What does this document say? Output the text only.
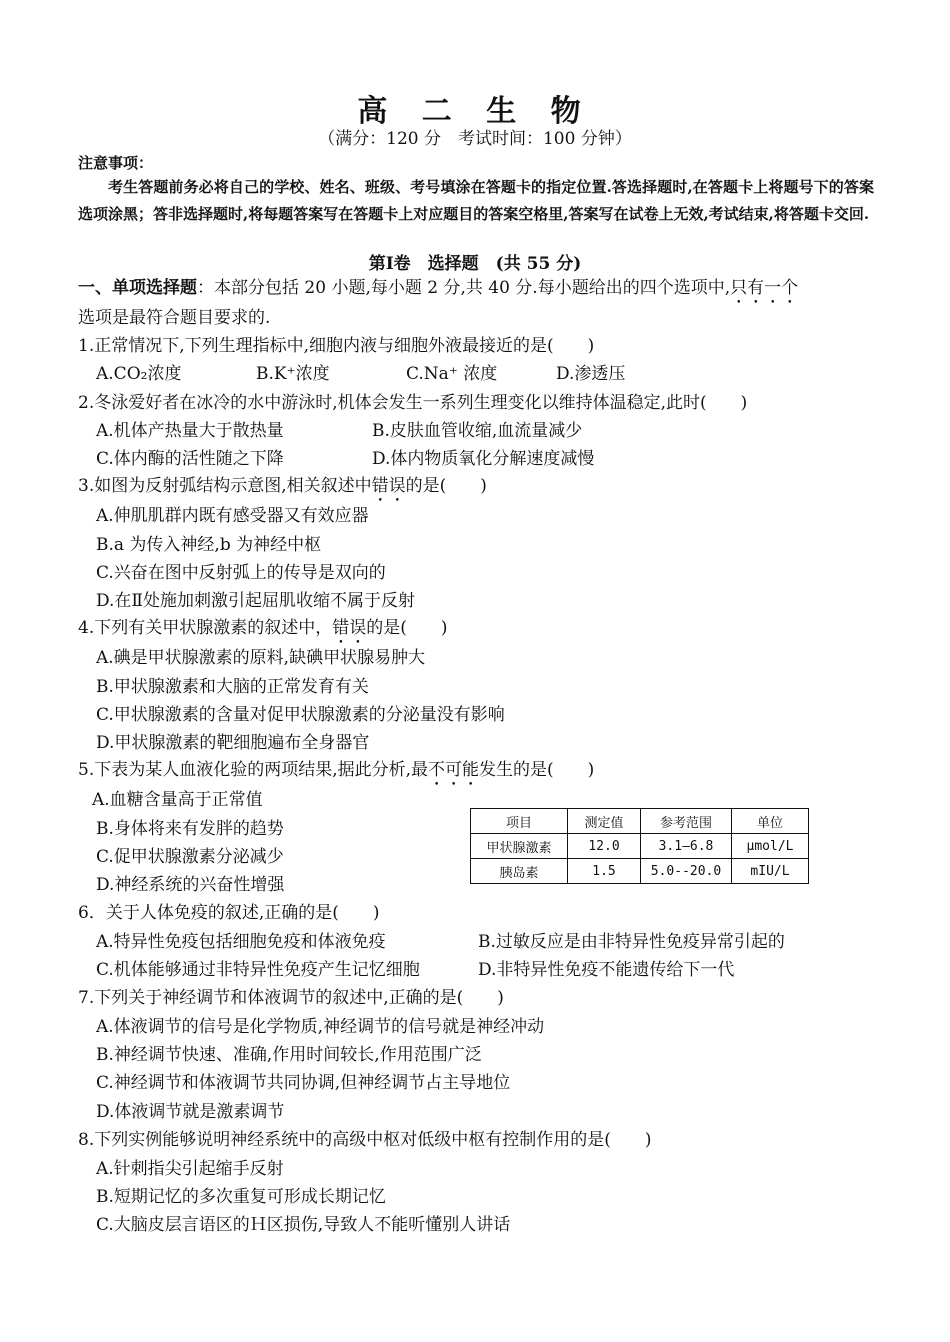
高 二 生 物
（满分：120 分　考试时间：100 分钟）
注意事项：
考生答题前务必将自己的学校、姓名、班级、考号填涂在答题卡的指定位置.答选择题时,在答题卡上将题号下的答案选项涂黑；答非选择题时,将每题答案写在答题卡上对应题目的答案空格里,答案写在试卷上无效,考试结束,将答题卡交回.
第Ⅰ卷　选择题　(共 55 分)
一、单项选择题：本部分包括 20 小题,每小题 2 分,共 40 分.每小题给出的四个选项中,只有一个
选项是最符合题目要求的.
1.正常情况下,下列生理指标中,细胞内液与细胞外液最接近的是(　　)
A.CO₂浓度	B.K⁺浓度	C.Na⁺ 浓度	D.渗透压
2.冬泳爱好者在冰冷的水中游泳时,机体会发生一系列生理变化以维持体温稳定,此时(　　)
A.机体产热量大于散热量	B.皮肤血管收缩,血流量减少
C.体内酶的活性随之下降	D.体内物质氧化分解速度减慢
3.如图为反射弧结构示意图,相关叙述中错误的是(　　)
A.伸肌肌群内既有感受器又有效应器
B.a 为传入神经,b 为神经中枢
C.兴奋在图中反射弧上的传导是双向的
D.在Ⅱ处施加刺激引起屈肌收缩不属于反射
4.下列有关甲状腺激素的叙述中，错误的是(　　)
A.碘是甲状腺激素的原料,缺碘甲状腺易肿大
B.甲状腺激素和大脑的正常发育有关
C.甲状腺激素的含量对促甲状腺激素的分泌量没有影响
D.甲状腺激素的靶细胞遍布全身器官
5.下表为某人血液化验的两项结果,据此分析,最不可能发生的是(　　)
A.血糖含量高于正常值
B.身体将来有发胖的趋势
C.促甲状腺激素分泌减少
D.神经系统的兴奋性增强
项目	测定值	参考范围	单位
甲状腺激素	12.0	3.1—6.8	μmol/L
胰岛素	1.5	5.0--20.0	mIU/L
6．关于人体免疫的叙述,正确的是(　　)
A.特异性免疫包括细胞免疫和体液免疫	B.过敏反应是由非特异性免疫异常引起的
C.机体能够通过非特异性免疫产生记忆细胞	D.非特异性免疫不能遗传给下一代
7.下列关于神经调节和体液调节的叙述中,正确的是(　　)
A.体液调节的信号是化学物质,神经调节的信号就是神经冲动
B.神经调节快速、准确,作用时间较长,作用范围广泛
C.神经调节和体液调节共同协调,但神经调节占主导地位
D.体液调节就是激素调节
8.下列实例能够说明神经系统中的高级中枢对低级中枢有控制作用的是(　　)
A.针刺指尖引起缩手反射
B.短期记忆的多次重复可形成长期记忆
C.大脑皮层言语区的Ｈ区损伤,导致人不能听懂别人讲话
